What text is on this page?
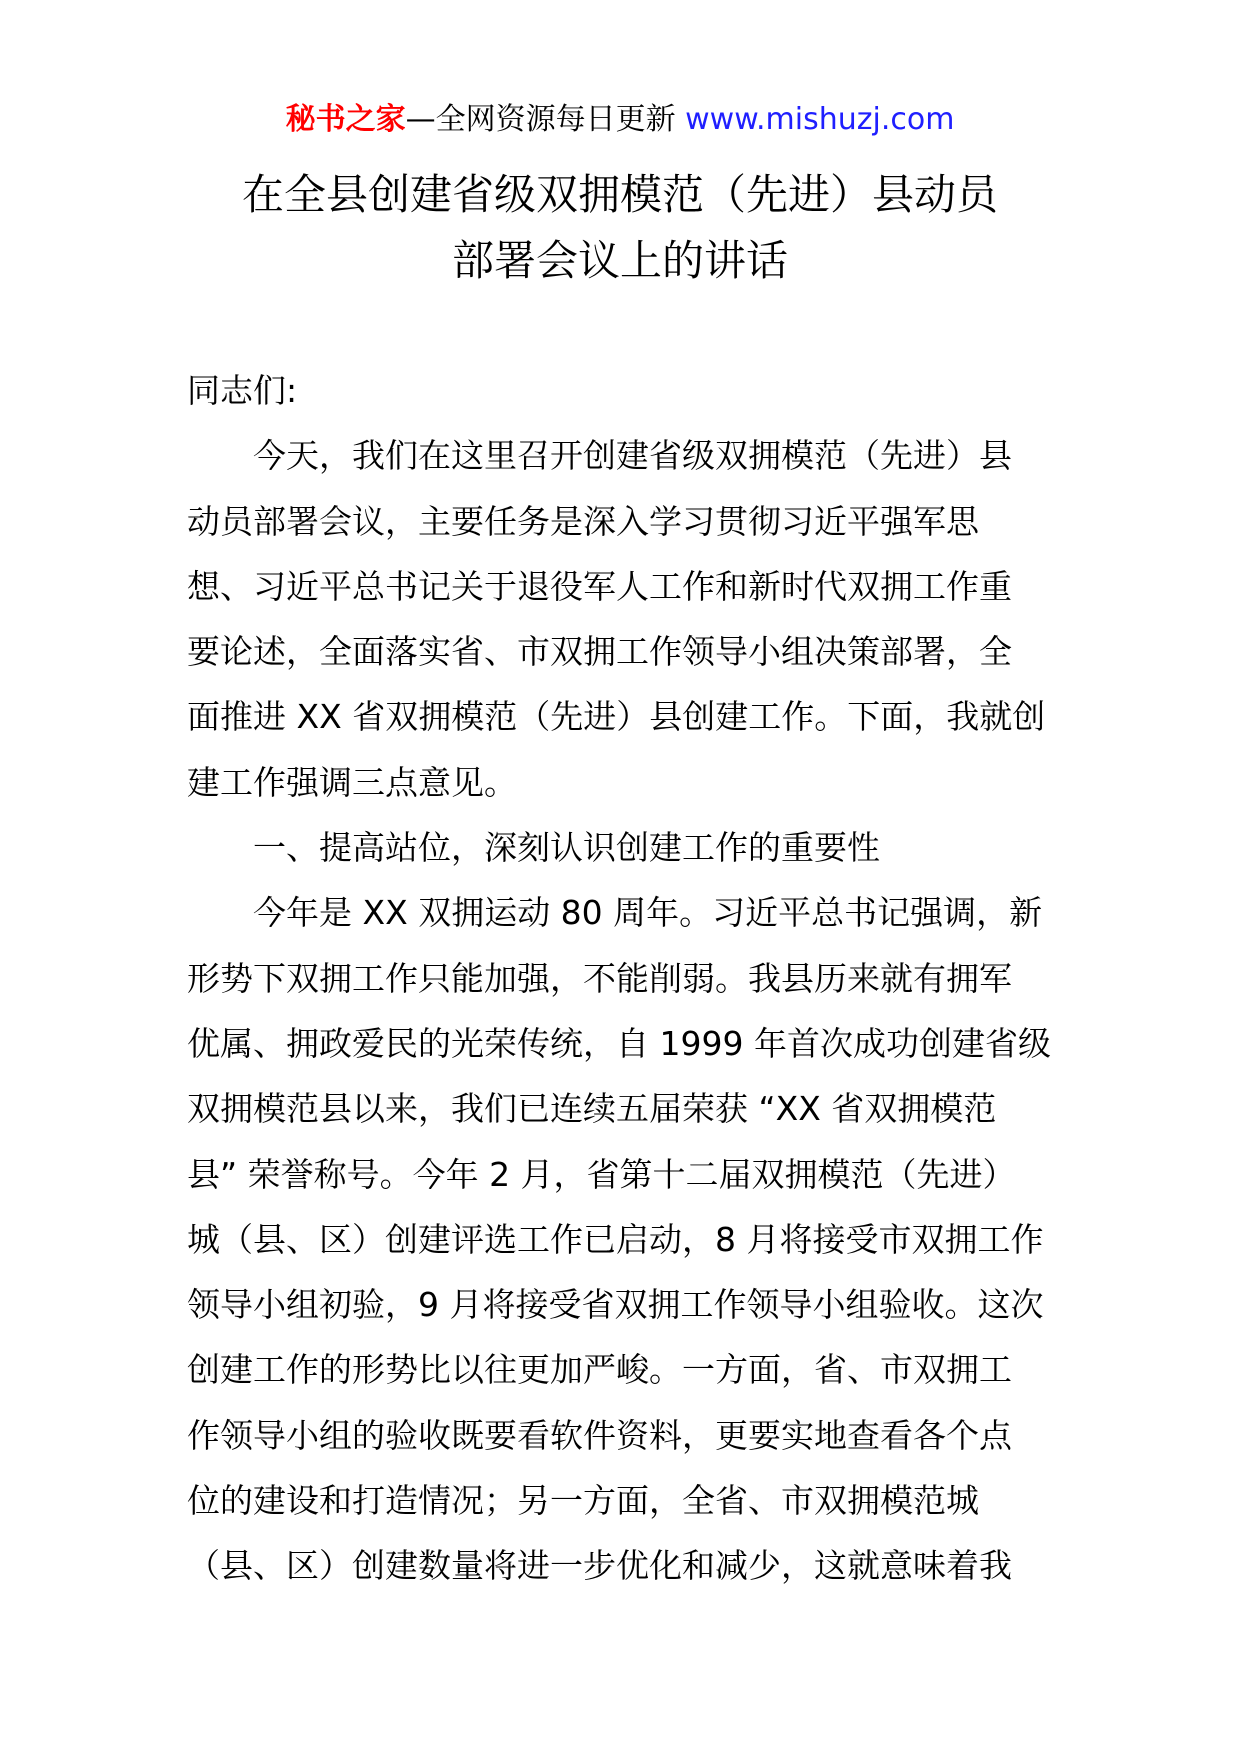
秘书之家—全网资源每日更新 www.mishuzj.com
在全县创建省级双拥模范（先进）县动员
部署会议上的讲话
同志们:
今天，我们在这里召开创建省级双拥模范（先进）县
动员部署会议，主要任务是深入学习贯彻习近平强军思
想、习近平总书记关于退役军人工作和新时代双拥工作重
要论述，全面落实省、市双拥工作领导小组决策部署，全
面推进 XX 省双拥模范（先进）县创建工作。下面，我就创
建工作强调三点意见。
一、提高站位，深刻认识创建工作的重要性
今年是 XX 双拥运动 80 周年。习近平总书记强调，新
形势下双拥工作只能加强，不能削弱。我县历来就有拥军
优属、拥政爱民的光荣传统，自 1999 年首次成功创建省级
双拥模范县以来，我们已连续五届荣获 “XX 省双拥模范
县” 荣誉称号。今年 2 月，省第十二届双拥模范（先进）
城（县、区）创建评选工作已启动，8 月将接受市双拥工作
领导小组初验，9 月将接受省双拥工作领导小组验收。这次
创建工作的形势比以往更加严峻。一方面，省、市双拥工
作领导小组的验收既要看软件资料，更要实地查看各个点
位的建设和打造情况；另一方面，全省、市双拥模范城
（县、区）创建数量将进一步优化和减少，这就意味着我
